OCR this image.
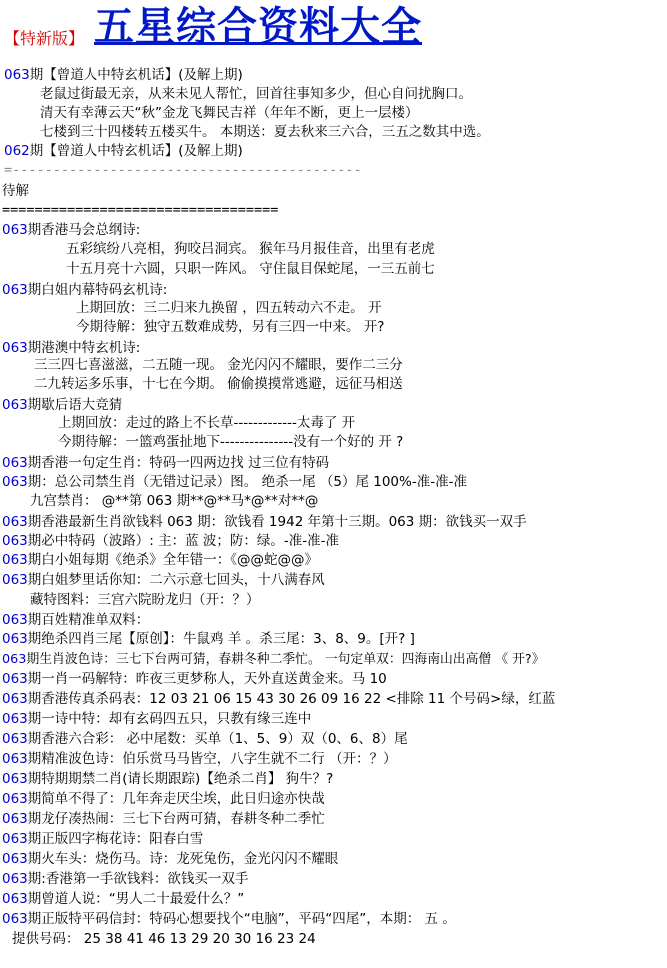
【特新版】 五星综合资料大全
063期【曾道人中特玄机话】(及解上期)
老鼠过街最无亲，从来未见人帮忙，回首往事知多少，但心自问扰胸口。
清天有幸薄云天“秋”金龙飞舞民吉祥（年年不断，更上一层楼）
七楼到三十四楼转五楼买牛。 本期送：夏去秋来三六合，三五之数其中选。
062期【曾道人中特玄机话】(及解上期)
=-------------------------------------------
待解
==================================
063期香港马会总纲诗:
五彩缤纷八亮相，狗咬吕洞宾。 猴年马月报佳音，出里有老虎
十五月亮十六圆，只职一阵风。 守住鼠目保蛇尾，一三五前七
063期白姐内幕特码玄机诗:
上期回放：三二归来九换留 ，四五转动六不走。 开
今期待解：独守五数难成势，另有三四一中来。 开?
063期港澳中特玄机诗:
三三四七喜滋滋，二五随一现。 金光闪闪不耀眼，要作二三分
二九转运多乐事，十七在今期。 偷偷摸摸常逃避，远征马相送
063期歇后语大竞猜
上期回放：走过的路上不长草-------------太毒了 开
今期待解：一篮鸡蛋扯地下---------------没有一个好的 开 ?
063期香港一句定生肖：特码一四两边找 过三位有特码
063期：总公司禁生肖（无错过记录）图。 绝杀一尾 （5）尾 100%-准-准-准
九宫禁肖： @**第 063 期**@**马*@**对**@
063期香港最新生肖欲钱料 063 期：欲钱看 1942 年第十三期。063 期：欲钱买一双手
063期必中特码（波路）: 主：蓝 波；防：绿。-准-准-准
063期白小姐每期《绝杀》全年错一：《@@蛇@@》
063期白姐梦里话你知：二六示意七回头，十八满春风
藏特图料：三宫六院盼龙归（开：？）
063期百姓精准单双料：
063期绝杀四肖三尾【原创】：牛鼠鸡 羊 。杀三尾：3、8、9。[开? ]
063期生肖波色诗：三七下台两可猜，春耕冬种二季忙。 一句定单双：四海南山出高僧 《 开?》
063期一肖一码解特：昨夜三更梦称人，天外直送黄金来。马 10
063期香港传真杀码表：12 03 21 06 15 43 30 26 09 16 22 <排除 11 个号码>绿，红蓝
063期一诗中特：却有玄码四五只，只教有缘三连中
063期香港六合彩： 必中尾数：买单（1、5、9）双（0、6、8）尾
063期精准波色诗：伯乐赏马马皆空，八字生就不二行 （开：？）
063期特期期禁二肖(请长期跟踪)【绝杀二肖】 狗牛？?
063期简单不得了：几年奔走厌尘埃，此日归途亦快哉
063期龙仔凑热闹：三七下台两可猜，春耕冬种二季忙
063期正版四字梅花诗：阳春白雪
063期火车头：烧伤马。诗：龙死兔伤，金光闪闪不耀眼
063期:香港第一手欲钱料：欲钱买一双手
063期曾道人说：“男人二十最爱什么？”
063期正版特平码信封：特码心想要找个“电脑”，平码“四尾”，本期： 五 。
提供号码： 25 38 41 46 13 29 20 30 16 23 24
